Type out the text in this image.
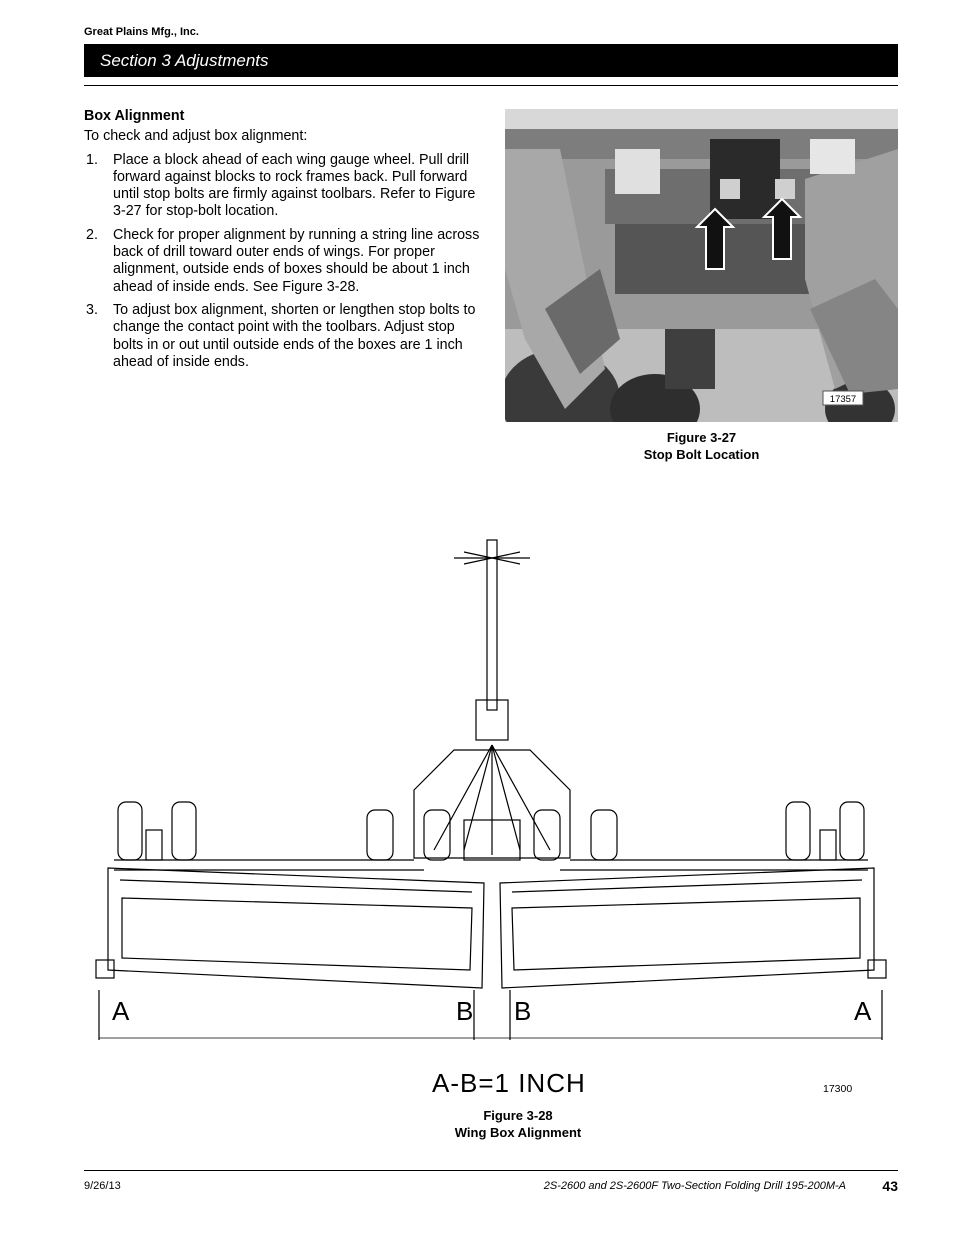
Great Plains Mfg., Inc.
Section 3 Adjustments
Box Alignment
To check and adjust box alignment:
1. Place a block ahead of each wing gauge wheel. Pull drill forward against blocks to rock frames back. Pull forward until stop bolts are firmly against toolbars. Refer to Figure 3-27 for stop-bolt location.
2. Check for proper alignment by running a string line across back of drill toward outer ends of wings. For proper alignment, outside ends of boxes should be about 1 inch ahead of inside ends. See Figure 3-28.
3. To adjust box alignment, shorten or lengthen stop bolts to change the contact point with the toolbars. Adjust stop bolts in or out until outside ends of the boxes are 1 inch ahead of inside ends.
17357
Figure 3-27
Stop Bolt Location
A	B B	A
A-B=1 INCH	17300
Figure 3-28
Wing Box Alignment
9/26/13	2S-2600 and 2S-2600F Two-Section Folding Drill 195-200M-A	43
